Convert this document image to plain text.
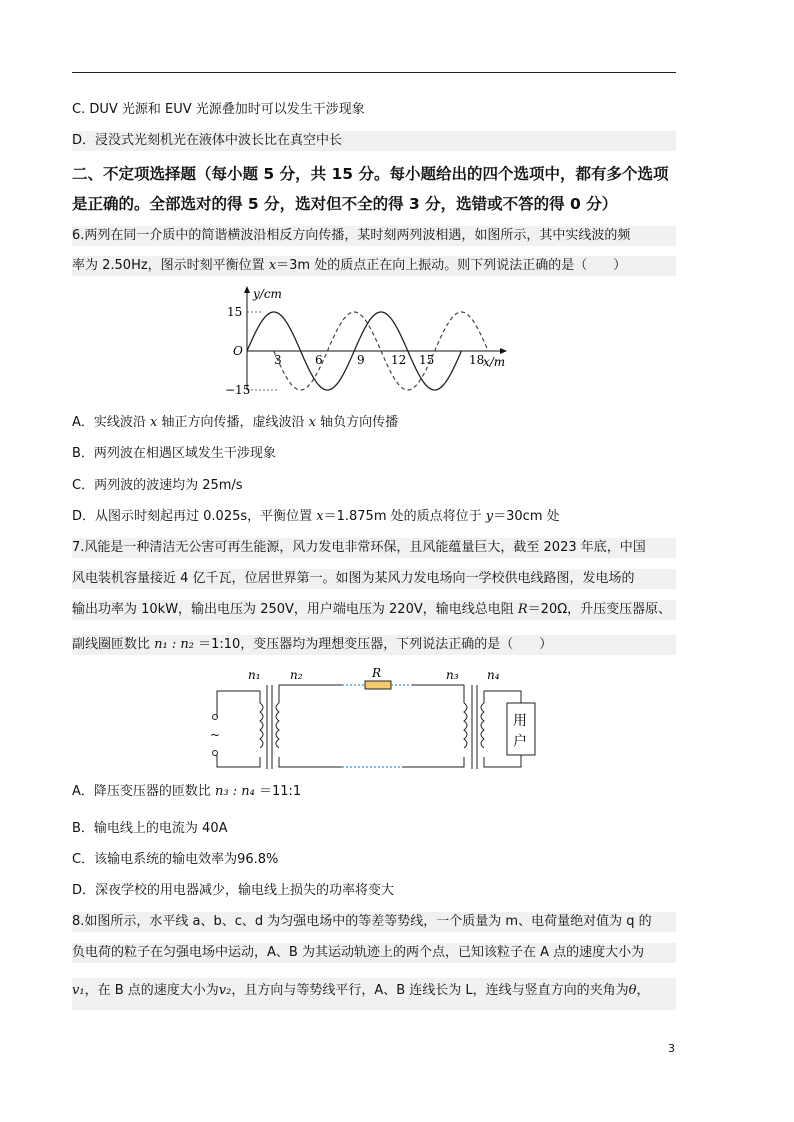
C. DUV 光源和 EUV 光源叠加时可以发生干涉现象
D．浸没式光刻机光在液体中波长比在真空中长
二、不定项选择题（每小题 5 分，共 15 分。每小题给出的四个选项中，都有多个选项
是正确的。全部选对的得 5 分，选对但不全的得 3 分，选错或不答的得 0 分）
6.两列在同一介质中的简谐横波沿相反方向传播，某时刻两列波相遇，如图所示，其中实线波的频
率为 2.50Hz，图示时刻平衡位置 x＝3m 处的质点正在向上振动。则下列说法正确的是（　　）
y/cm
x/m
O
15
−15
3	6	9 12 15	18
A．实线波沿 x 轴正方向传播，虚线波沿 x 轴负方向传播
B．两列波在相遇区域发生干涉现象
C．两列波的波速均为 25m/s
D．从图示时刻起再过 0.025s，平衡位置 x＝1.875m 处的质点将位于 y＝30cm 处
7.风能是一种清洁无公害可再生能源，风力发电非常环保，且风能蕴量巨大，截至 2023 年底，中国
风电装机容量接近 4 亿千瓦，位居世界第一。如图为某风力发电场向一学校供电线路图，发电场的
输出功率为 10kW，输出电压为 250V，用户端电压为 220V，输电线总电阻 R＝20Ω，升压变压器原、
副线圈匝数比 n₁ : n₂ ＝1:10，变压器均为理想变压器，下列说法正确的是（　　）
~
用
户
n₁ n₂	R	n₃ n₄
A．降压变压器的匝数比 n₃ : n₄ ＝11:1
B．输电线上的电流为 40A
C．该输电系统的输电效率为96.8%
D．深夜学校的用电器减少，输电线上损失的功率将变大
8.如图所示，水平线 a、b、c、d 为匀强电场中的等差等势线，一个质量为 m、电荷量绝对值为 q 的
负电荷的粒子在匀强电场中运动，A、B 为其运动轨迹上的两个点，已知该粒子在 A 点的速度大小为
v₁，在 B 点的速度大小为v₂，且方向与等势线平行，A、B 连线长为 L，连线与竖直方向的夹角为θ，
3
